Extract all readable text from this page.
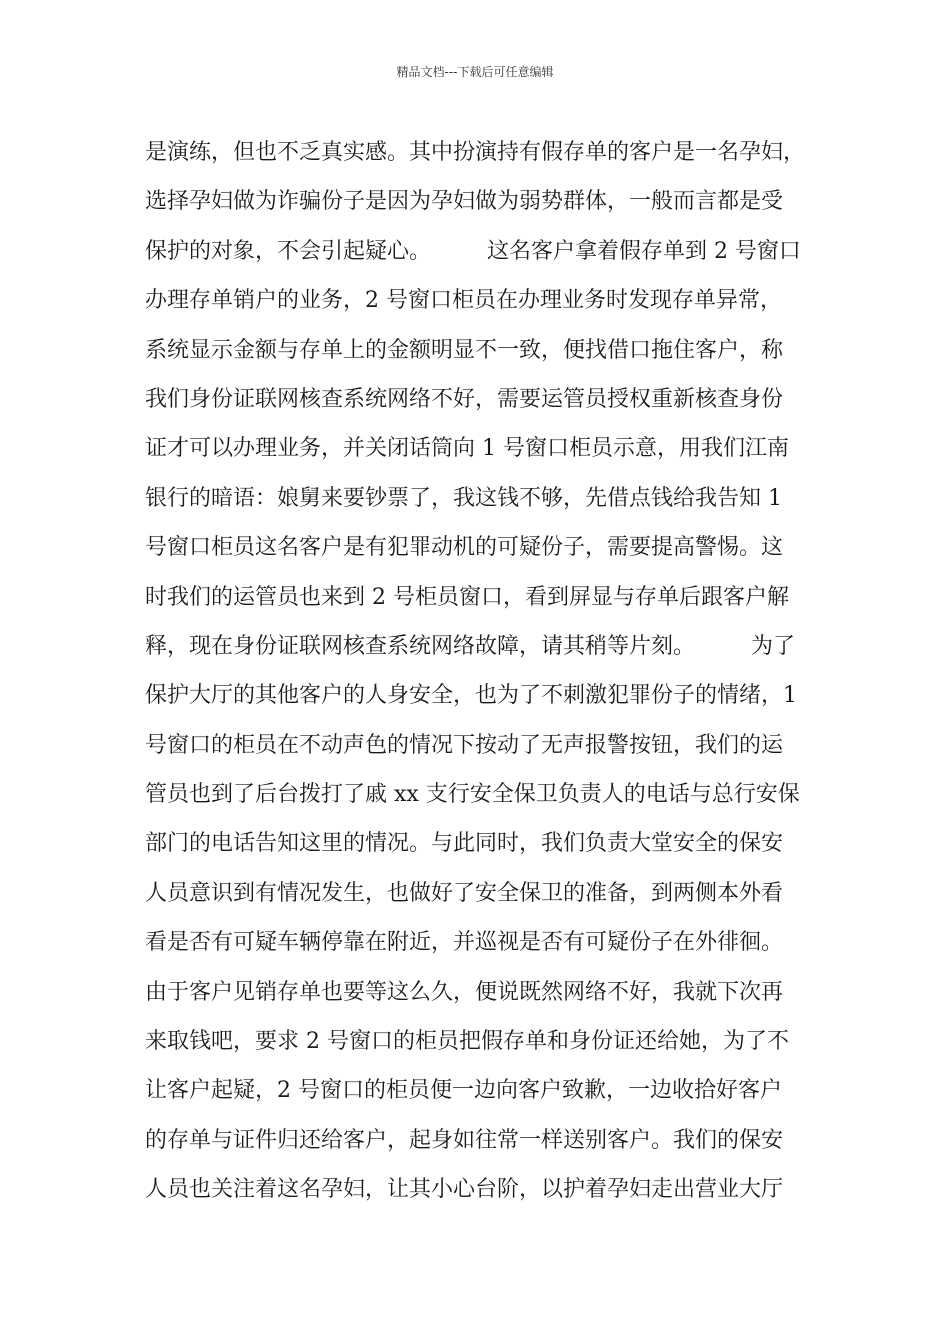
精品文档---下载后可任意编辑
是演练，但也不乏真实感。其中扮演持有假存单的客户是一名孕妇，
选择孕妇做为诈骗份子是因为孕妇做为弱势群体，一般而言都是受
保护的对象，不会引起疑心。        这名客户拿着假存单到 2 号窗口
办理存单销户的业务，2 号窗口柜员在办理业务时发现存单异常，
系统显示金额与存单上的金额明显不一致，便找借口拖住客户，称
我们身份证联网核查系统网络不好，需要运管员授权重新核查身份
证才可以办理业务，并关闭话筒向 1 号窗口柜员示意，用我们江南
银行的暗语：娘舅来要钞票了，我这钱不够，先借点钱给我告知 1
号窗口柜员这名客户是有犯罪动机的可疑份子，需要提高警惕。这
时我们的运管员也来到 2 号柜员窗口，看到屏显与存单后跟客户解
释，现在身份证联网核查系统网络故障，请其稍等片刻。        为了
保护大厅的其他客户的人身安全，也为了不刺激犯罪份子的情绪，1
号窗口的柜员在不动声色的情况下按动了无声报警按钮，我们的运
管员也到了后台拨打了戚 xx 支行安全保卫负责人的电话与总行安保
部门的电话告知这里的情况。与此同时，我们负责大堂安全的保安
人员意识到有情况发生，也做好了安全保卫的准备，到两侧本外看
看是否有可疑车辆停靠在附近，并巡视是否有可疑份子在外徘徊。
由于客户见销存单也要等这么久，便说既然网络不好，我就下次再
来取钱吧，要求 2 号窗口的柜员把假存单和身份证还给她，为了不
让客户起疑，2 号窗口的柜员便一边向客户致歉，一边收拾好客户
的存单与证件归还给客户，起身如往常一样送别客户。我们的保安
人员也关注着这名孕妇，让其小心台阶，以护着孕妇走出营业大厅
